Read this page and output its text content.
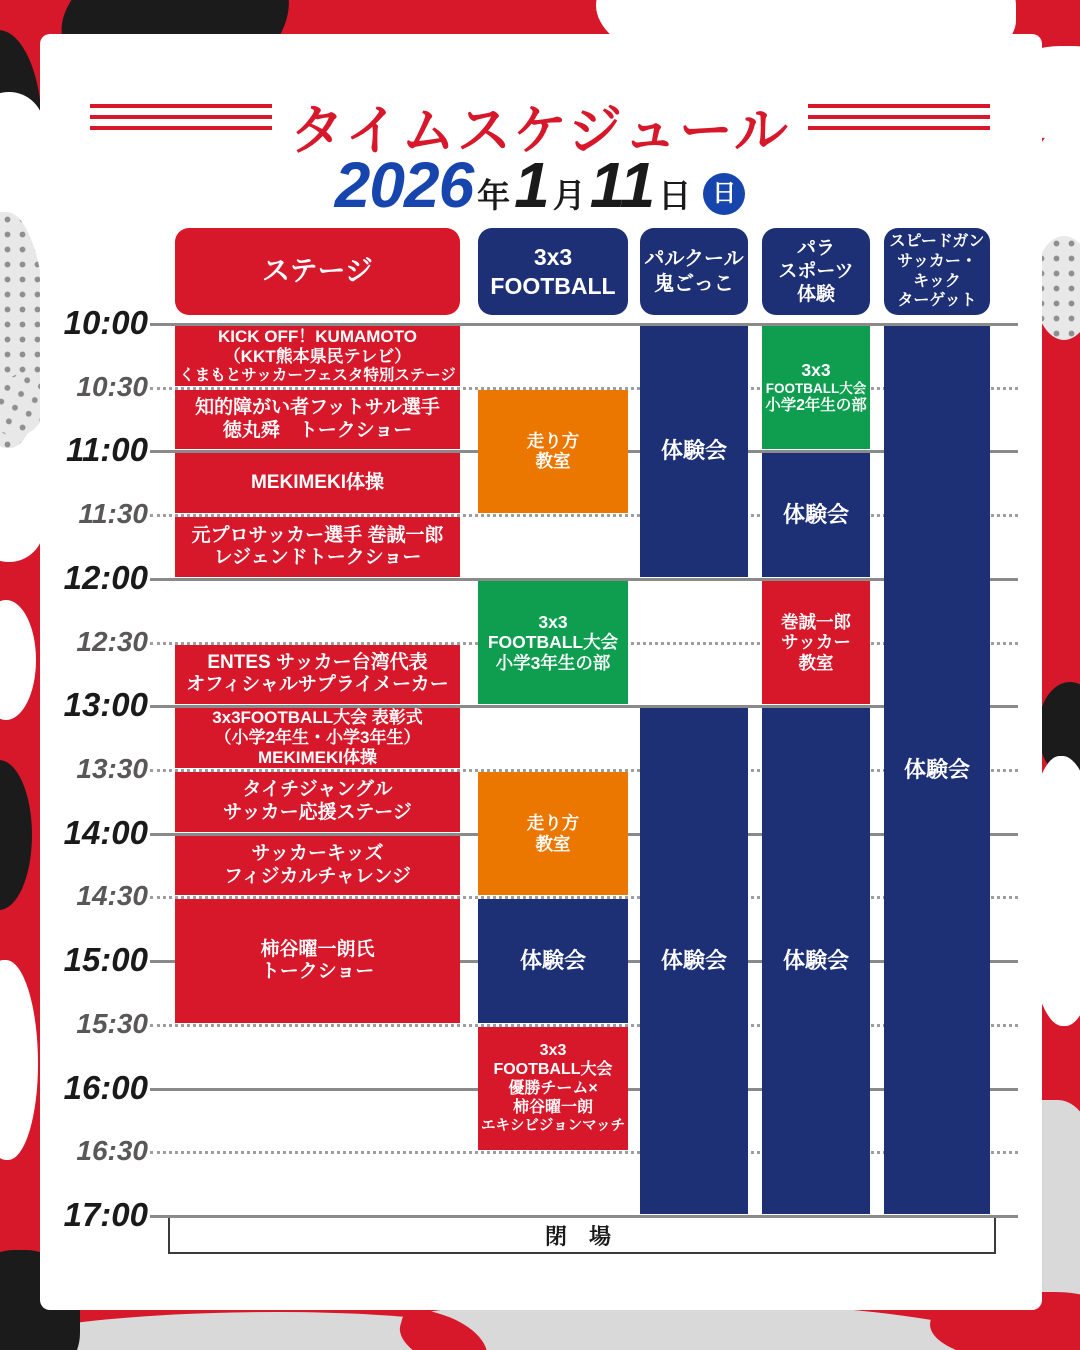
タイムスケジュール
2026 年1 月11 日 日
10:00
10:30
11:00
11:30
12:00
12:30
13:00
13:30
14:00
14:30
15:00
15:30
16:00
16:30
17:00
ステージ	3x3
FOOTBALL
パルクール
鬼ごっこ
パラ
スポーツ
体験
スピードガン
サッカー・
キック
ターゲット
KICK OFF！KUMAMOTO
（KKT熊本県民テレビ）
くまもとサッカーフェスタ特別ステージ
知的障がい者フットサル選手
徳丸舜　トークショー
MEKIMEKI体操
元プロサッカー選手 巻誠一郎
レジェンドトークショー
ENTES サッカー台湾代表
オフィシャルサプライメーカー
3x3FOOTBALL大会 表彰式
（小学2年生・小学3年生）
MEKIMEKI体操
タイチジャングル
サッカー応援ステージ
サッカーキッズ
フィジカルチャレンジ
柿谷曜一朗氏
トークショー
走り方
教室
3x3
FOOTBALL大会
小学3年生の部
走り方
教室
体験会
3x3
FOOTBALL大会
優勝チーム×
柿谷曜一朗
エキシビジョンマッチ
体験会
体験会
3x3
FOOTBALL大会
小学2年生の部
体験会
巻誠一郎
サッカー
教室
体験会
体験会
閉 場
